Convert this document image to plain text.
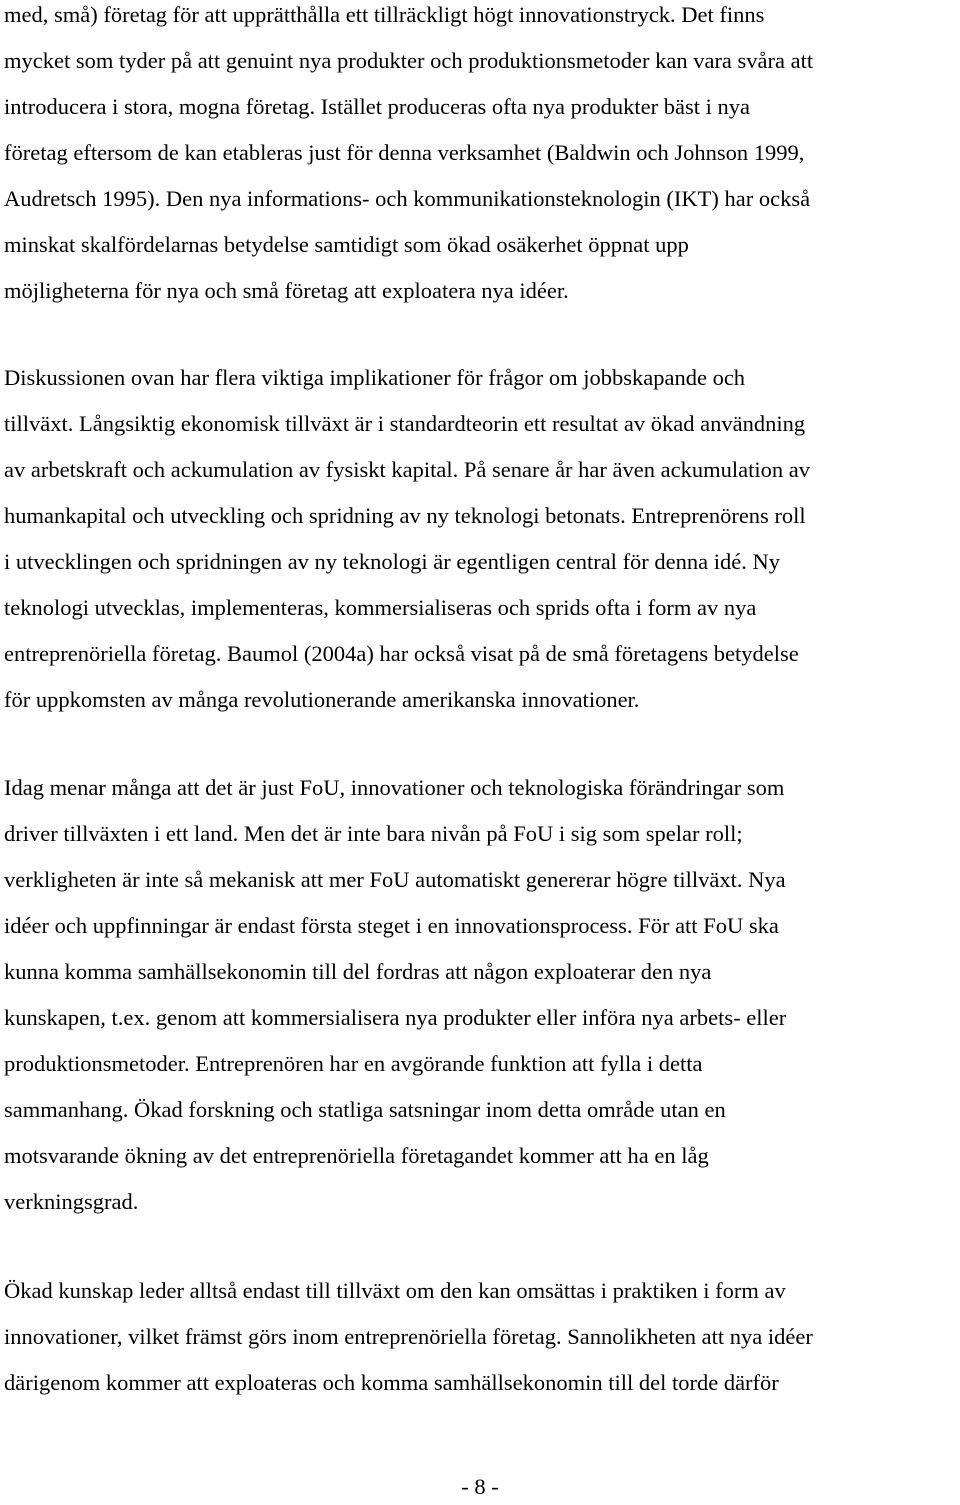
med, små) företag för att upprätthålla ett tillräckligt högt innovationstryck. Det finns
mycket som tyder på att genuint nya produkter och produktionsmetoder kan vara svåra att
introducera i stora, mogna företag. Istället produceras ofta nya produkter bäst i nya
företag eftersom de kan etableras just för denna verksamhet (Baldwin och Johnson 1999,
Audretsch 1995). Den nya informations- och kommunikationsteknologin (IKT) har också
minskat skalfördelarnas betydelse samtidigt som ökad osäkerhet öppnat upp
möjligheterna för nya och små företag att exploatera nya idéer.
Diskussionen ovan har flera viktiga implikationer för frågor om jobbskapande och
tillväxt. Långsiktig ekonomisk tillväxt är i standardteorin ett resultat av ökad användning
av arbetskraft och ackumulation av fysiskt kapital. På senare år har även ackumulation av
humankapital och utveckling och spridning av ny teknologi betonats. Entreprenörens roll
i utvecklingen och spridningen av ny teknologi är egentligen central för denna idé. Ny
teknologi utvecklas, implementeras, kommersialiseras och sprids ofta i form av nya
entreprenöriella företag. Baumol (2004a) har också visat på de små företagens betydelse
för uppkomsten av många revolutionerande amerikanska innovationer.
Idag menar många att det är just FoU, innovationer och teknologiska förändringar som
driver tillväxten i ett land. Men det är inte bara nivån på FoU i sig som spelar roll;
verkligheten är inte så mekanisk att mer FoU automatiskt genererar högre tillväxt. Nya
idéer och uppfinningar är endast första steget i en innovationsprocess. För att FoU ska
kunna komma samhällsekonomin till del fordras att någon exploaterar den nya
kunskapen, t.ex. genom att kommersialisera nya produkter eller införa nya arbets- eller
produktionsmetoder. Entreprenören har en avgörande funktion att fylla i detta
sammanhang. Ökad forskning och statliga satsningar inom detta område utan en
motsvarande ökning av det entreprenöriella företagandet kommer att ha en låg
verkningsgrad.
Ökad kunskap leder alltså endast till tillväxt om den kan omsättas i praktiken i form av
innovationer, vilket främst görs inom entreprenöriella företag. Sannolikheten att nya idéer
därigenom kommer att exploateras och komma samhällsekonomin till del torde därför
- 8 -
